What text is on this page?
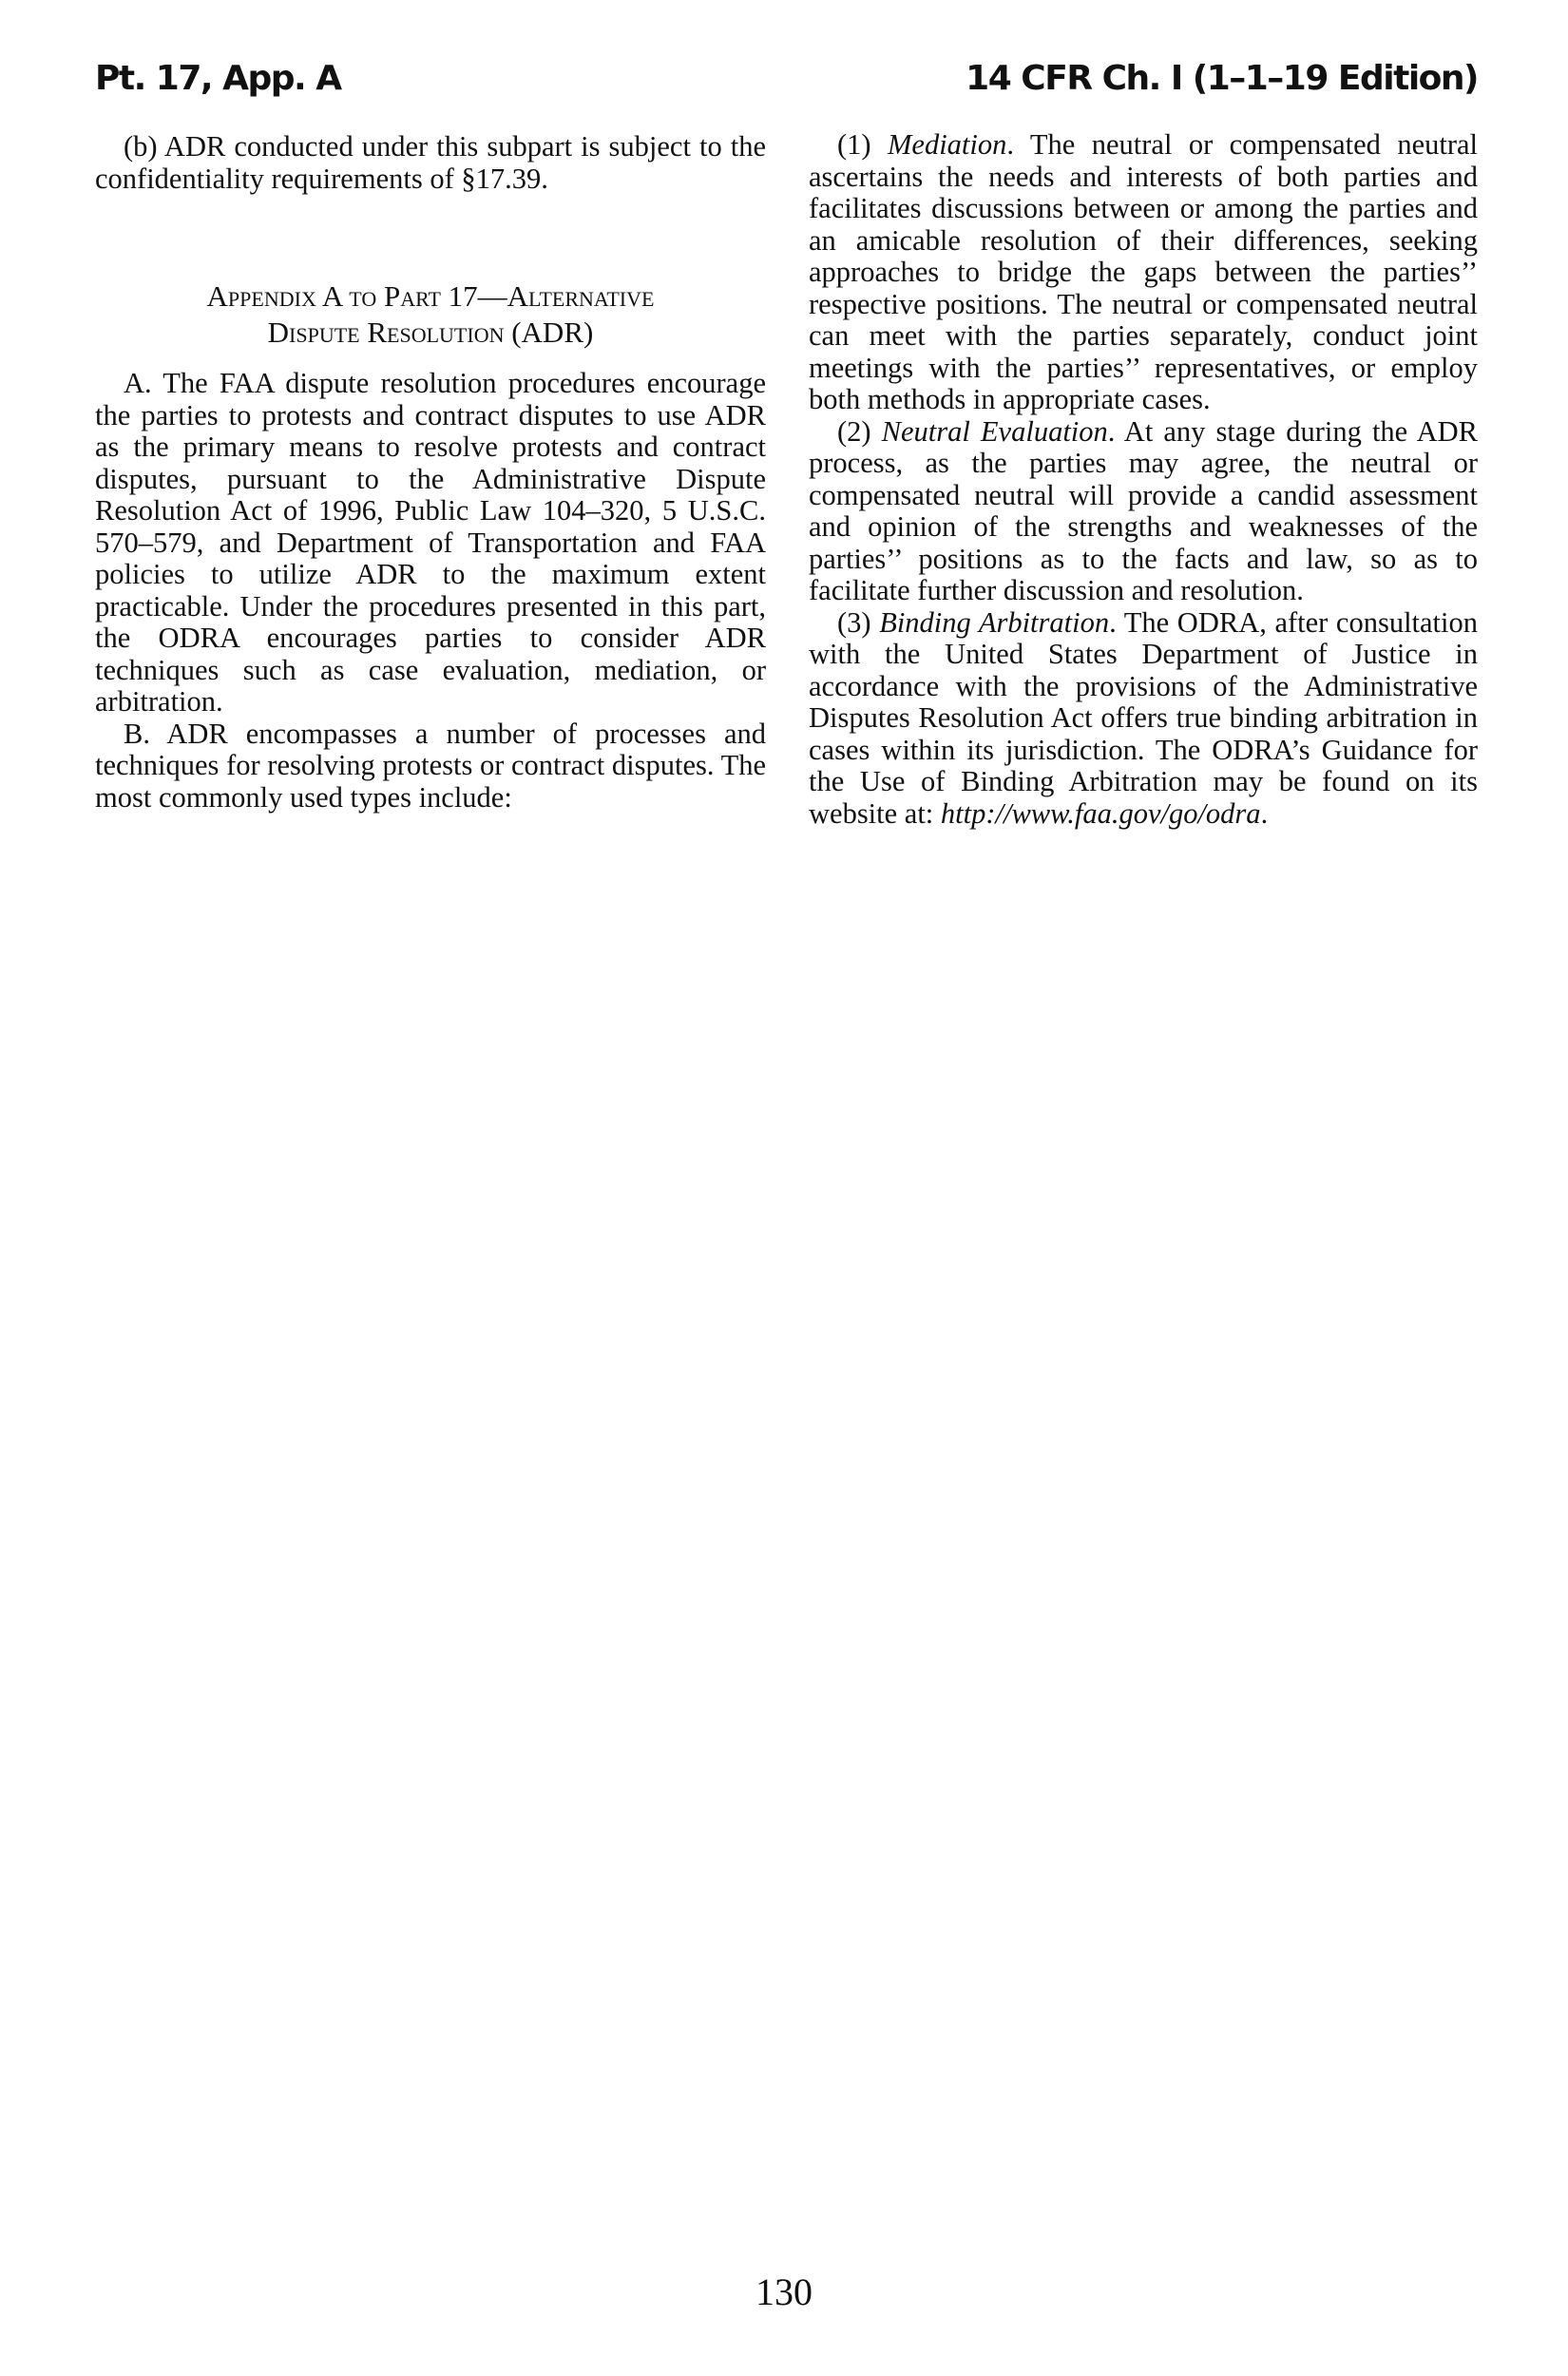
Pt. 17, App. A	14 CFR Ch. I (1–1–19 Edition)

(b) ADR conducted under this subpart is subject to the confidentiality requirements of §17.39.

Appendix A to Part 17—Alternative
Dispute Resolution (ADR)

A. The FAA dispute resolution procedures encourage the parties to protests and contract disputes to use ADR as the primary means to resolve protests and contract disputes, pursuant to the Administrative Dispute Resolution Act of 1996, Public Law 104–320, 5 U.S.C. 570–579, and Department of Transportation and FAA policies to utilize ADR to the maximum extent practicable. Under the procedures presented in this part, the ODRA encourages parties to consider ADR techniques such as case evaluation, mediation, or arbitration.

B. ADR encompasses a number of processes and techniques for resolving protests or contract disputes. The most commonly used types include:

(1) Mediation. The neutral or compensated neutral ascertains the needs and interests of both parties and facilitates discussions between or among the parties and an amicable resolution of their differences, seeking approaches to bridge the gaps between the parties’’ respective positions. The neutral or compensated neutral can meet with the parties separately, conduct joint meetings with the parties’’ representatives, or employ both methods in appropriate cases.

(2) Neutral Evaluation. At any stage during the ADR process, as the parties may agree, the neutral or compensated neutral will provide a candid assessment and opinion of the strengths and weaknesses of the parties’’ positions as to the facts and law, so as to facilitate further discussion and resolution.

(3) Binding Arbitration. The ODRA, after consultation with the United States Department of Justice in accordance with the provisions of the Administrative Disputes Resolution Act offers true binding arbitration in cases within its jurisdiction. The ODRA’s Guidance for the Use of Binding Arbitration may be found on its website at: http://www.faa.gov/go/odra.

130
